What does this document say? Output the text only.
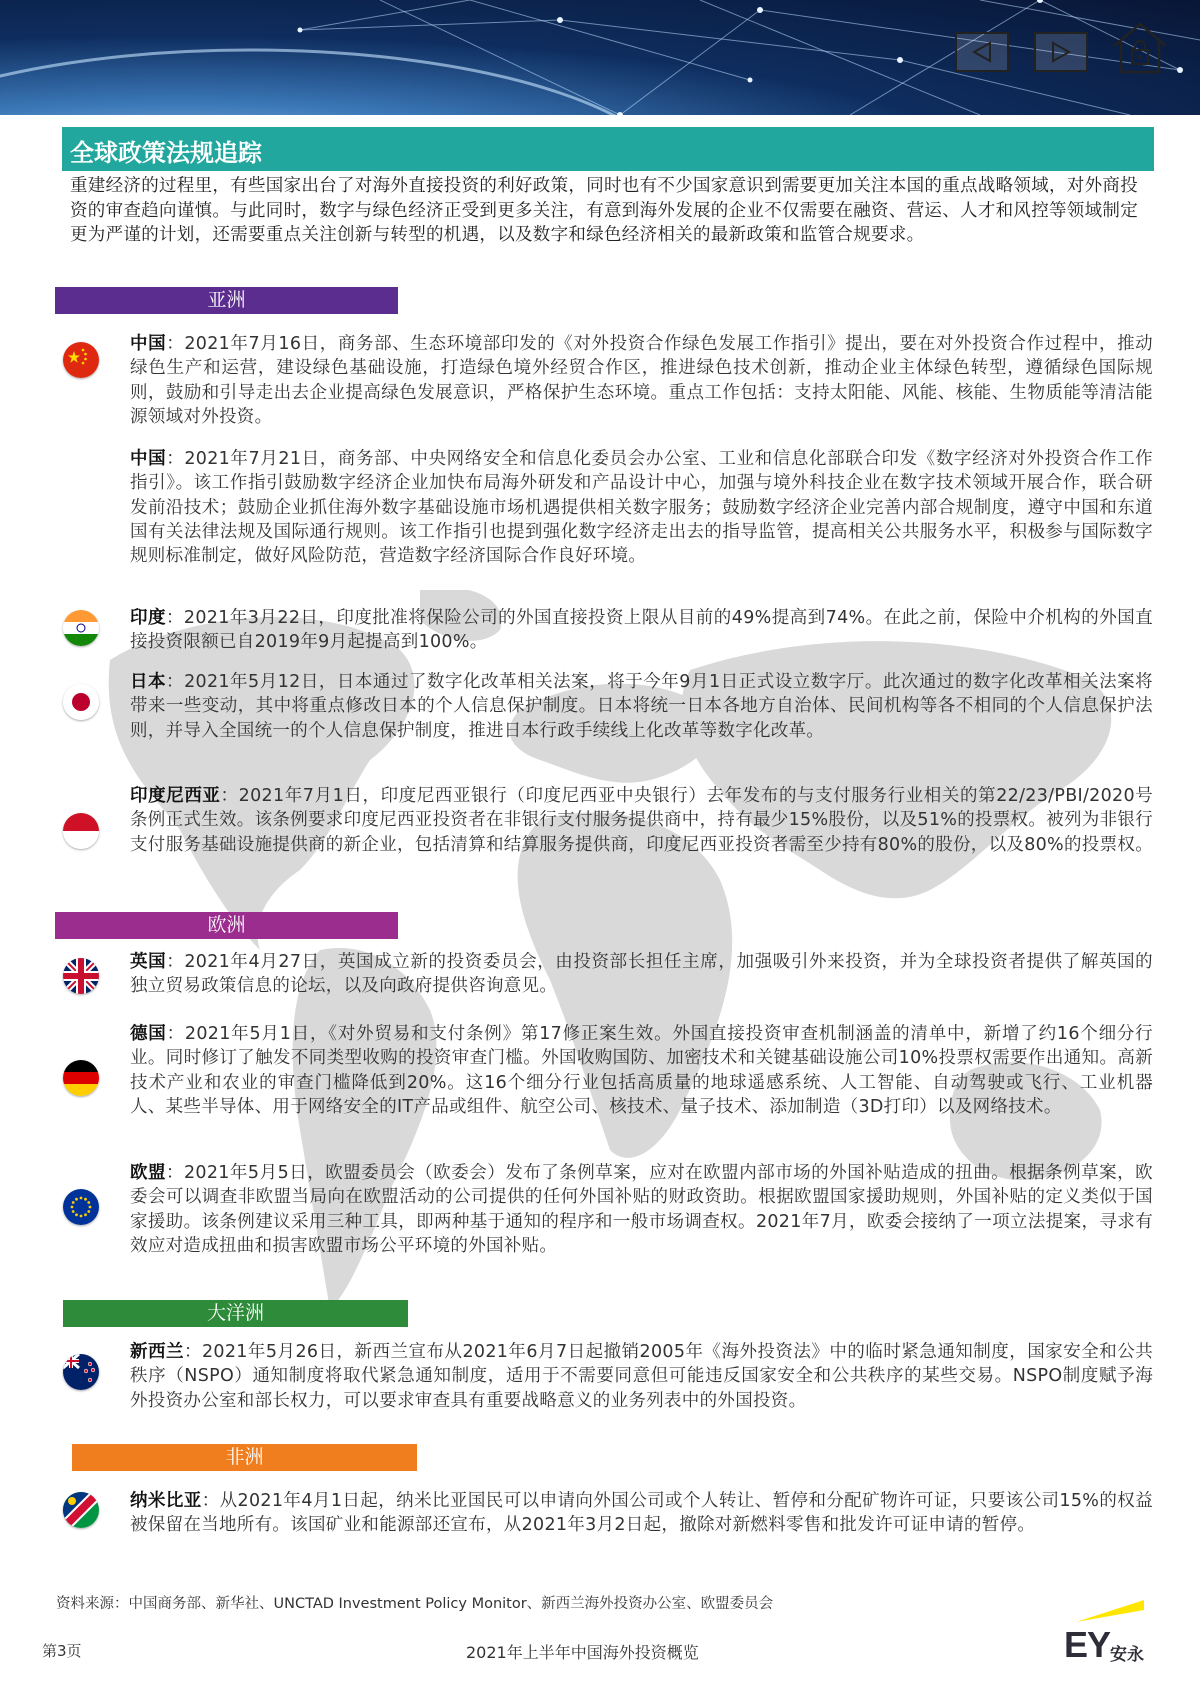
全球政策法规追踪
重建经济的过程里，有些国家出台了对海外直接投资的利好政策，同时也有不少国家意识到需要更加关注本国的重点战略领域，对外商投资的审查趋向谨慎。与此同时，数字与绿色经济正受到更多关注，有意到海外发展的企业不仅需要在融资、营运、人才和风控等领域制定更为严谨的计划，还需要重点关注创新与转型的机遇，以及数字和绿色经济相关的最新政策和监管合规要求。
亚洲
中国：2021年7月16日，商务部、生态环境部印发的《对外投资合作绿色发展工作指引》提出，要在对外投资合作过程中，推动绿色生产和运营，建设绿色基础设施，打造绿色境外经贸合作区，推进绿色技术创新，推动企业主体绿色转型，遵循绿色国际规则，鼓励和引导走出去企业提高绿色发展意识，严格保护生态环境。重点工作包括：支持太阳能、风能、核能、生物质能等清洁能源领域对外投资。
中国：2021年7月21日，商务部、中央网络安全和信息化委员会办公室、工业和信息化部联合印发《数字经济对外投资合作工作指引》。该工作指引鼓励数字经济企业加快布局海外研发和产品设计中心，加强与境外科技企业在数字技术领域开展合作，联合研发前沿技术；鼓励企业抓住海外数字基础设施市场机遇提供相关数字服务；鼓励数字经济企业完善内部合规制度，遵守中国和东道国有关法律法规及国际通行规则。该工作指引也提到强化数字经济走出去的指导监管，提高相关公共服务水平，积极参与国际数字规则标准制定，做好风险防范，营造数字经济国际合作良好环境。
印度：2021年3月22日，印度批准将保险公司的外国直接投资上限从目前的49%提高到74%。在此之前，保险中介机构的外国直接投资限额已自2019年9月起提高到100%。
日本：2021年5月12日，日本通过了数字化改革相关法案，将于今年9月1日正式设立数字厅。此次通过的数字化改革相关法案将带来一些变动，其中将重点修改日本的个人信息保护制度。日本将统一日本各地方自治体、民间机构等各不相同的个人信息保护法则，并导入全国统一的个人信息保护制度，推进日本行政手续线上化改革等数字化改革。
印度尼西亚：2021年7月1日，印度尼西亚银行（印度尼西亚中央银行）去年发布的与支付服务行业相关的第22/23/PBI/2020号条例正式生效。该条例要求印度尼西亚投资者在非银行支付服务提供商中，持有最少15%股份，以及51%的投票权。被列为非银行支付服务基础设施提供商的新企业，包括清算和结算服务提供商，印度尼西亚投资者需至少持有80%的股份，以及80%的投票权。
欧洲
英国：2021年4月27日，英国成立新的投资委员会，由投资部长担任主席，加强吸引外来投资，并为全球投资者提供了解英国的独立贸易政策信息的论坛，以及向政府提供咨询意见。
德国：2021年5月1日，《对外贸易和支付条例》第17修正案生效。外国直接投资审查机制涵盖的清单中，新增了约16个细分行业。同时修订了触发不同类型收购的投资审查门槛。外国收购国防、加密技术和关键基础设施公司10%投票权需要作出通知。高新技术产业和农业的审查门槛降低到20%。这16个细分行业包括高质量的地球遥感系统、人工智能、自动驾驶或飞行、工业机器人、某些半导体、用于网络安全的IT产品或组件、航空公司、核技术、量子技术、添加制造（3D打印）以及网络技术。
欧盟：2021年5月5日，欧盟委员会（欧委会）发布了条例草案，应对在欧盟内部市场的外国补贴造成的扭曲。根据条例草案，欧委会可以调查非欧盟当局向在欧盟活动的公司提供的任何外国补贴的财政资助。根据欧盟国家援助规则，外国补贴的定义类似于国家援助。该条例建议采用三种工具，即两种基于通知的程序和一般市场调查权。2021年7月，欧委会接纳了一项立法提案，寻求有效应对造成扭曲和损害欧盟市场公平环境的外国补贴。
大洋洲
新西兰：2021年5月26日，新西兰宣布从2021年6月7日起撤销2005年《海外投资法》中的临时紧急通知制度，国家安全和公共秩序（NSPO）通知制度将取代紧急通知制度，适用于不需要同意但可能违反国家安全和公共秩序的某些交易。NSPO制度赋予海外投资办公室和部长权力，可以要求审查具有重要战略意义的业务列表中的外国投资。
非洲
纳米比亚：从2021年4月1日起，纳米比亚国民可以申请向外国公司或个人转让、暂停和分配矿物许可证，只要该公司15%的权益被保留在当地所有。该国矿业和能源部还宣布，从2021年3月2日起，撤除对新燃料零售和批发许可证申请的暂停。
资料来源：中国商务部、新华社、UNCTAD Investment Policy Monitor、新西兰海外投资办公室、欧盟委员会
第3页	2021年上半年中国海外投资概览	EY 安永
